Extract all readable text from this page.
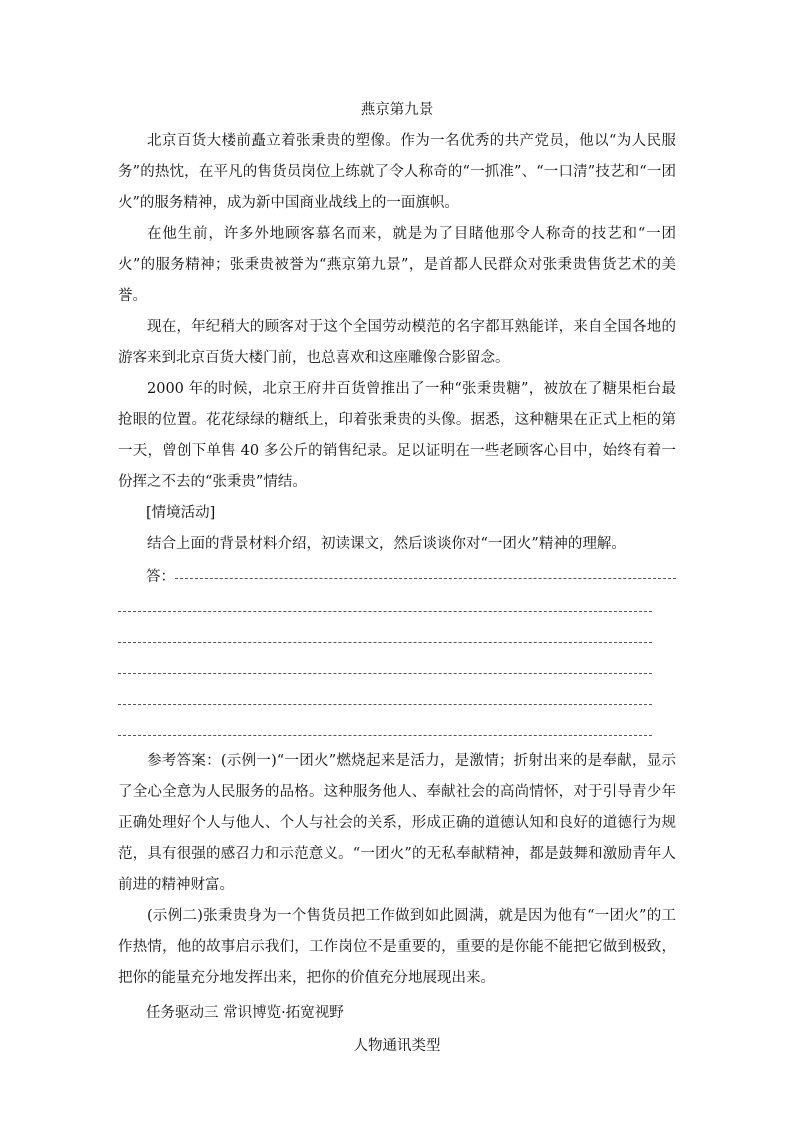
燕京第九景

北京百货大楼前矗立着张秉贵的塑像。作为一名优秀的共产党员，他以“为人民服务”的热忱，在平凡的售货员岗位上练就了令人称奇的“一抓准”、“一口清”技艺和“一团火”的服务精神，成为新中国商业战线上的一面旗帜。

在他生前，许多外地顾客慕名而来，就是为了目睹他那令人称奇的技艺和“一团火”的服务精神；张秉贵被誉为“燕京第九景”，是首都人民群众对张秉贵售货艺术的美誉。

现在，年纪稍大的顾客对于这个全国劳动模范的名字都耳熟能详，来自全国各地的游客来到北京百货大楼门前，也总喜欢和这座雕像合影留念。

2000 年的时候，北京王府井百货曾推出了一种“张秉贵糖”，被放在了糖果柜台最抢眼的位置。花花绿绿的糖纸上，印着张秉贵的头像。据悉，这种糖果在正式上柜的第一天，曾创下单售 40 多公斤的销售纪录。足以证明在一些老顾客心目中，始终有着一份挥之不去的“张秉贵”情结。

[情境活动]

结合上面的背景材料介绍，初读课文，然后谈谈你对“一团火”精神的理解。

答：

参考答案：(示例一)“一团火”燃烧起来是活力，是激情；折射出来的是奉献，显示了全心全意为人民服务的品格。这种服务他人、奉献社会的高尚情怀，对于引导青少年正确处理好个人与他人、个人与社会的关系，形成正确的道德认知和良好的道德行为规范，具有很强的感召力和示范意义。“一团火”的无私奉献精神，都是鼓舞和激励青年人前进的精神财富。

(示例二)张秉贵身为一个售货员把工作做到如此圆满，就是因为他有“一团火”的工作热情，他的故事启示我们，工作岗位不是重要的，重要的是你能不能把它做到极致，把你的能量充分地发挥出来，把你的价值充分地展现出来。

任务驱动三 常识博览·拓宽视野

人物通讯类型
